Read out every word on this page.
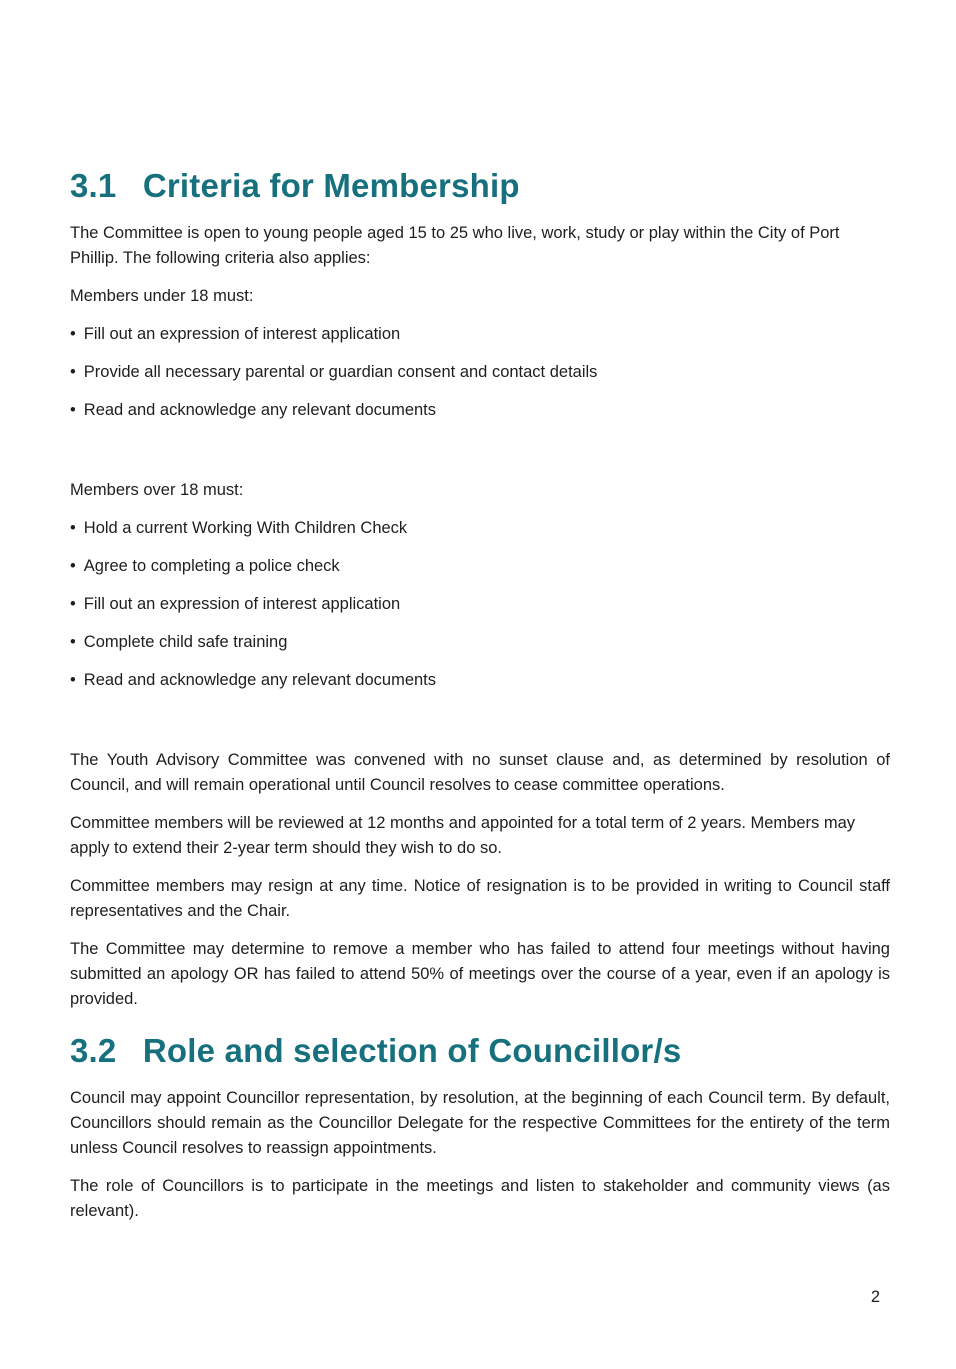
3.1 Criteria for Membership

The Committee is open to young people aged 15 to 25 who live, work, study or play within the City of Port Phillip. The following criteria also applies:

Members under 18 must:

• Fill out an expression of interest application

• Provide all necessary parental or guardian consent and contact details

• Read and acknowledge any relevant documents

Members over 18 must:

• Hold a current Working With Children Check

• Agree to completing a police check

• Fill out an expression of interest application

• Complete child safe training

• Read and acknowledge any relevant documents

The Youth Advisory Committee was convened with no sunset clause and, as determined by resolution of Council, and will remain operational until Council resolves to cease committee operations.

Committee members will be reviewed at 12 months and appointed for a total term of 2 years. Members may apply to extend their 2-year term should they wish to do so.

Committee members may resign at any time. Notice of resignation is to be provided in writing to Council staff representatives and the Chair.

The Committee may determine to remove a member who has failed to attend four meetings without having submitted an apology OR has failed to attend 50% of meetings over the course of a year, even if an apology is provided.

3.2 Role and selection of Councillor/s

Council may appoint Councillor representation, by resolution, at the beginning of each Council term. By default, Councillors should remain as the Councillor Delegate for the respective Committees for the entirety of the term unless Council resolves to reassign appointments.

The role of Councillors is to participate in the meetings and listen to stakeholder and community views (as relevant).

2
